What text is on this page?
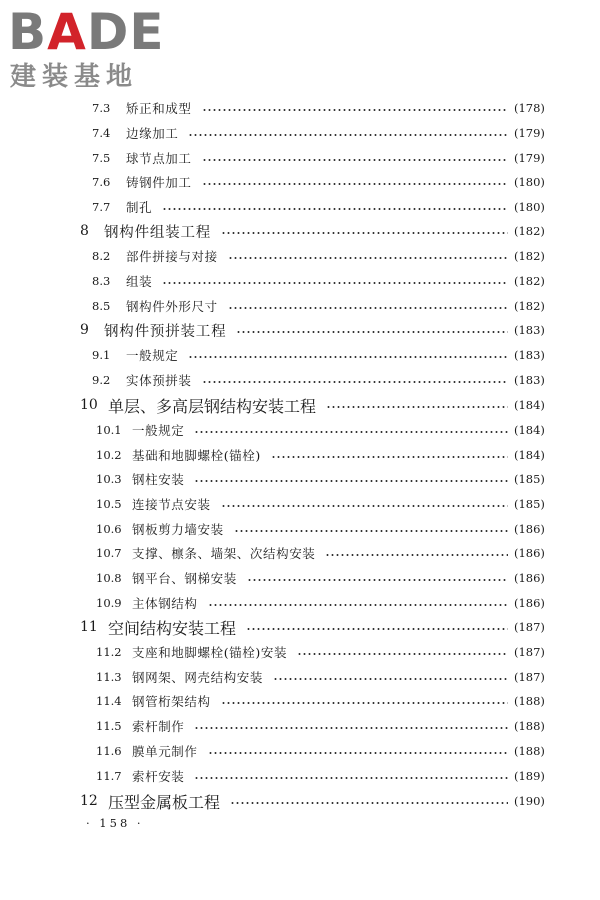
BADE
建装基地
7.3	矫正和成型	(178)
7.4	边缘加工	(179)
7.5	球节点加工	(179)
7.6	铸钢件加工	(180)
7.7	制孔	(180)
8	钢构件组装工程	(182)
8.2	部件拼接与对接	(182)
8.3	组装	(182)
8.5	钢构件外形尺寸	(182)
9	钢构件预拼装工程	(183)
9.1	一般规定	(183)
9.2	实体预拼装	(183)
10 单层、多高层钢结构安装工程	(184)
10.1 一般规定	(184)
10.2 基础和地脚螺栓(锚栓)	(184)
10.3 钢柱安装	(185)
10.5 连接节点安装	(185)
10.6 钢板剪力墙安装	(186)
10.7 支撑、檩条、墙架、次结构安装	(186)
10.8 钢平台、钢梯安装	(186)
10.9 主体钢结构	(186)
11 空间结构安装工程	(187)
11.2 支座和地脚螺栓(锚栓)安装	(187)
11.3 钢网架、网壳结构安装	(187)
11.4 钢管桁架结构	(188)
11.5 索杆制作	(188)
11.6 膜单元制作	(188)
11.7 索杆安装	(189)
12 压型金属板工程	(190)
· 158 ·
